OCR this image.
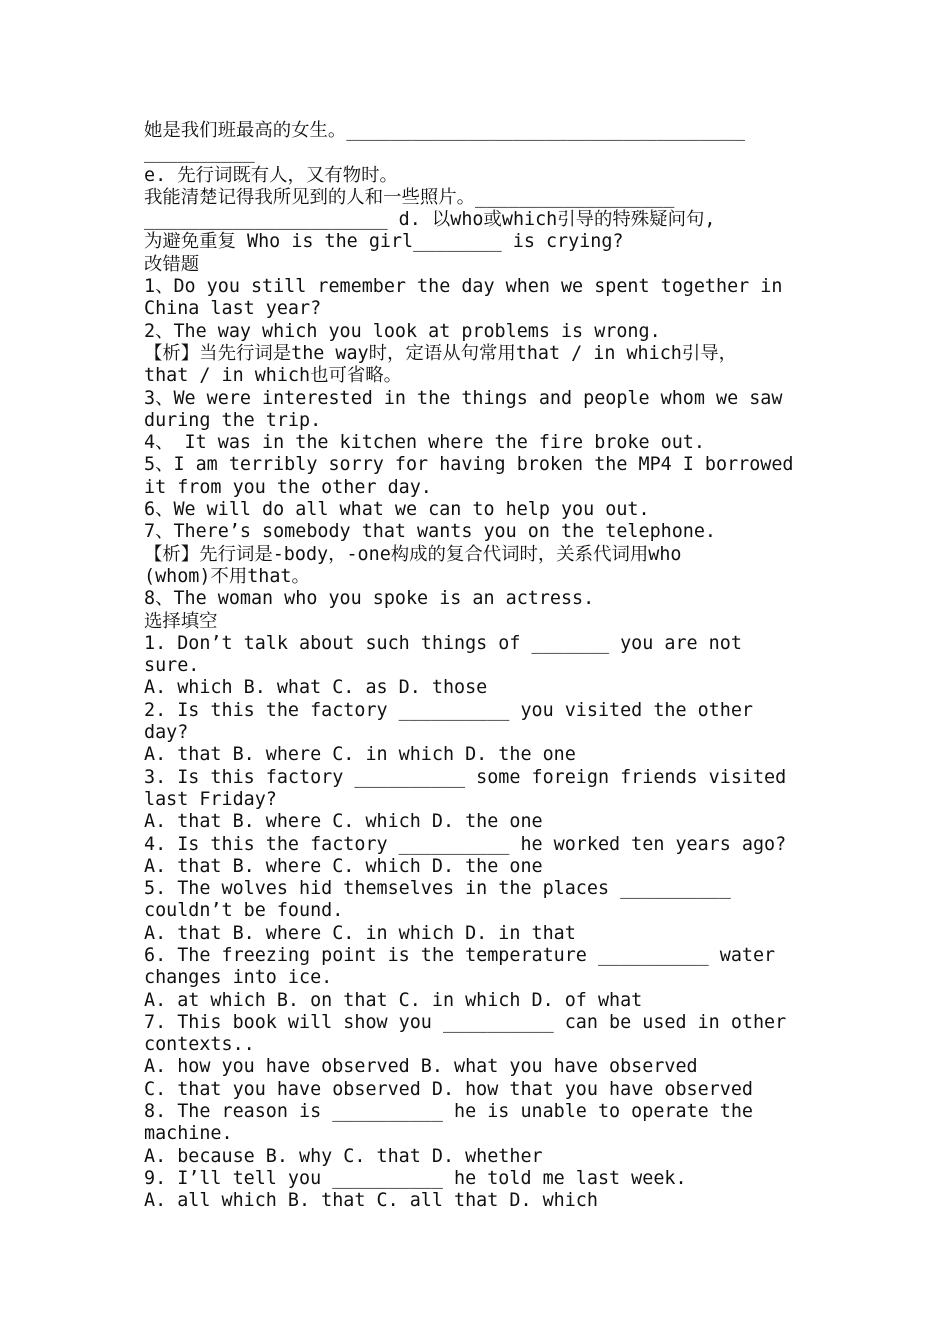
她是我们班最高的女生。____________________________________
__________
e. 先行词既有人，又有物时。
我能清楚记得我所见到的人和一些照片。__________________
______________________ d. 以who或which引导的特殊疑问句,
为避免重复 Who is the girl________ is crying?
改错题
1、Do you still remember the day when we spent together in
China last year?
2、The way which you look at problems is wrong.
【析】当先行词是the way时，定语从句常用that / in which引导，
that / in which也可省略。
3、We were interested in the things and people whom we saw
during the trip.
4、 It was in the kitchen where the fire broke out.
5、I am terribly sorry for having broken the MP4 I borrowed
it from you the other day.
6、We will do all what we can to help you out.
7、There’s somebody that wants you on the telephone.
【析】先行词是-body，-one构成的复合代词时，关系代词用who
(whom)不用that。
8、The woman who you spoke is an actress.
选择填空
1. Don’t talk about such things of _______ you are not
sure.
A. which B. what C. as D. those
2. Is this the factory __________ you visited the other
day?
A. that B. where C. in which D. the one
3. Is this factory __________ some foreign friends visited
last Friday?
A. that B. where C. which D. the one
4. Is this the factory __________ he worked ten years ago?
A. that B. where C. which D. the one
5. The wolves hid themselves in the places __________
couldn’t be found.
A. that B. where C. in which D. in that
6. The freezing point is the temperature __________ water
changes into ice.
A. at which B. on that C. in which D. of what
7. This book will show you __________ can be used in other
contexts..
A. how you have observed B. what you have observed
C. that you have observed D. how that you have observed
8. The reason is __________ he is unable to operate the
machine.
A. because B. why C. that D. whether
9. I’ll tell you __________ he told me last week.
A. all which B. that C. all that D. which
